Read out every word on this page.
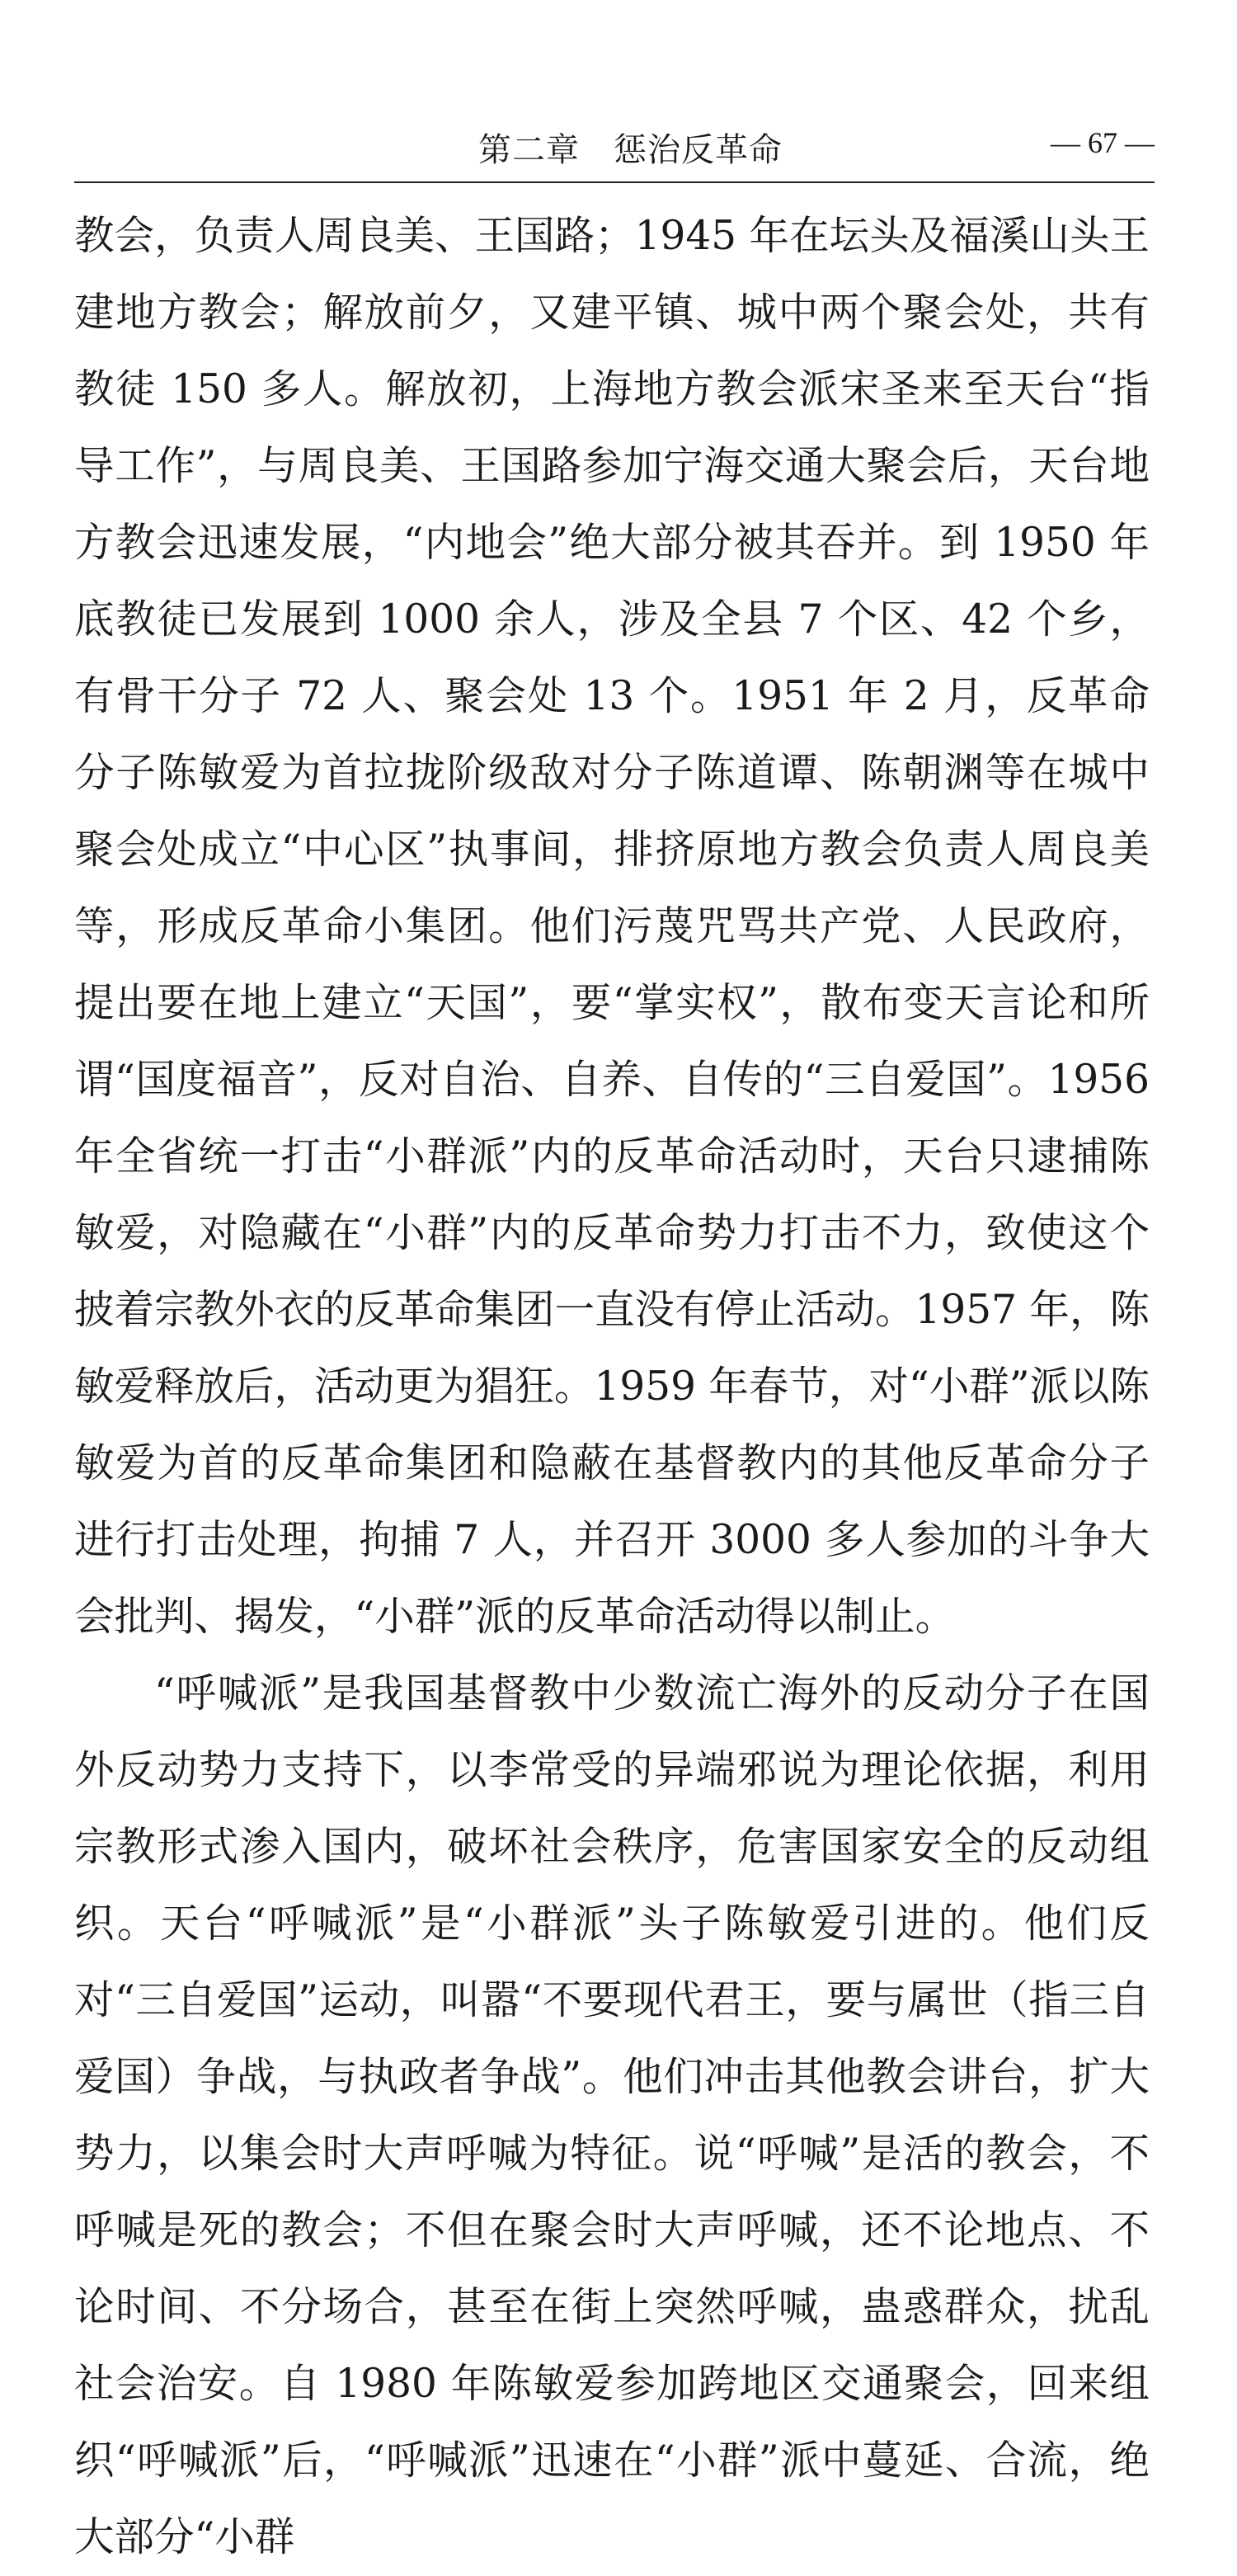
第二章　惩治反革命	— 67 —

教会，负责人周良美、王国路；1945 年在坛头及福溪山头王建地方教会；解放前夕，又建平镇、城中两个聚会处，共有教徒 150 多人。解放初，上海地方教会派宋圣来至天台“指导工作”，与周良美、王国路参加宁海交通大聚会后，天台地方教会迅速发展，“内地会”绝大部分被其吞并。到 1950 年底教徒已发展到 1000 余人，涉及全县 7 个区、42 个乡，有骨干分子 72 人、聚会处 13 个。1951 年 2 月，反革命分子陈敏爱为首拉拢阶级敌对分子陈道谭、陈朝渊等在城中聚会处成立“中心区”执事间，排挤原地方教会负责人周良美等，形成反革命小集团。他们污蔑咒骂共产党、人民政府，提出要在地上建立“天国”，要“掌实权”，散布变天言论和所谓“国度福音”，反对自治、自养、自传的“三自爱国”。1956 年全省统一打击“小群派”内的反革命活动时，天台只逮捕陈敏爱，对隐藏在“小群”内的反革命势力打击不力，致使这个披着宗教外衣的反革命集团一直没有停止活动。1957 年，陈敏爱释放后，活动更为猖狂。1959 年春节，对“小群”派以陈敏爱为首的反革命集团和隐蔽在基督教内的其他反革命分子进行打击处理，拘捕 7 人，并召开 3000 多人参加的斗争大会批判、揭发，“小群”派的反革命活动得以制止。

“呼喊派”是我国基督教中少数流亡海外的反动分子在国外反动势力支持下，以李常受的异端邪说为理论依据，利用宗教形式渗入国内，破坏社会秩序，危害国家安全的反动组织。天台“呼喊派”是“小群派”头子陈敏爱引进的。他们反对“三自爱国”运动，叫嚣“不要现代君王，要与属世（指三自爱国）争战，与执政者争战”。他们冲击其他教会讲台，扩大势力，以集会时大声呼喊为特征。说“呼喊”是活的教会，不呼喊是死的教会；不但在聚会时大声呼喊，还不论地点、不论时间、不分场合，甚至在街上突然呼喊，蛊惑群众，扰乱社会治安。自 1980 年陈敏爱参加跨地区交通聚会，回来组织“呼喊派”后，“呼喊派”迅速在“小群”派中蔓延、合流，绝大部分“小群
